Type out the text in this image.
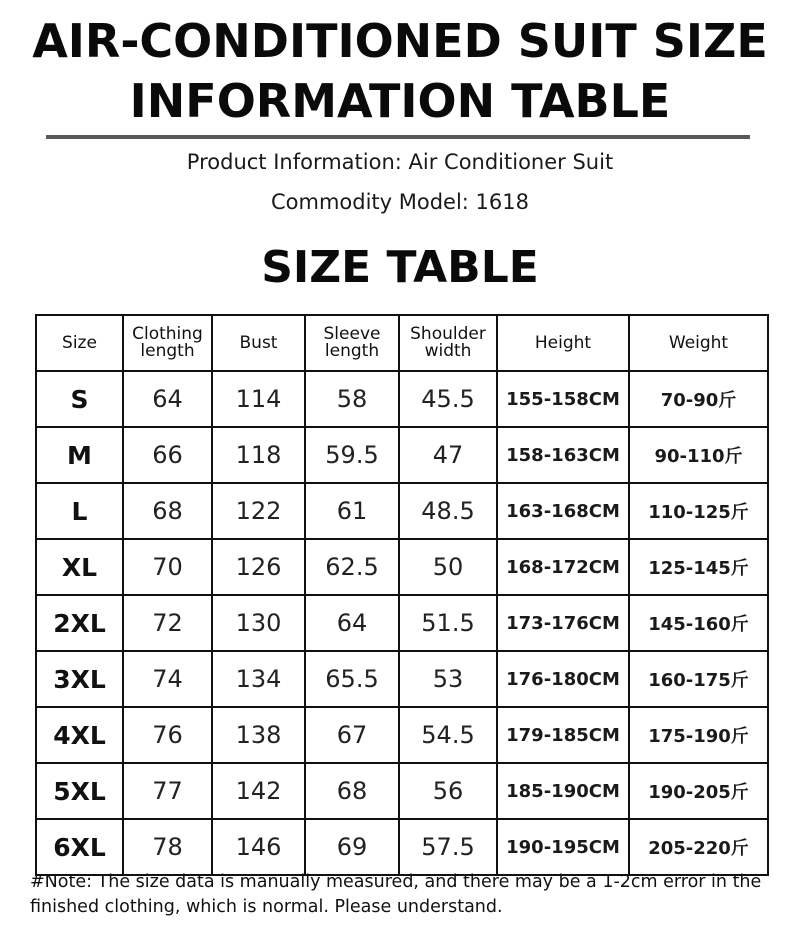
AIR-CONDITIONED SUIT SIZE
INFORMATION TABLE

Product Information: Air Conditioner Suit

Commodity Model: 1618

SIZE TABLE
Size	Clothing length	Bust	Sleeve length	Shoulder width	Height	Weight
S	64	114	58	45.5	155-158CM	70-90斤
M	66	118	59.5	47	158-163CM	90-110斤
L	68	122	61	48.5	163-168CM	110-125斤
XL	70	126	62.5	50	168-172CM	125-145斤
2XL	72	130	64	51.5	173-176CM	145-160斤
3XL	74	134	65.5	53	176-180CM	160-175斤
4XL	76	138	67	54.5	179-185CM	175-190斤
5XL	77	142	68	56	185-190CM	190-205斤
6XL	78	146	69	57.5	190-195CM	205-220斤

#Note: The size data is manually measured, and there may be a 1-2cm error in the finished clothing, which is normal. Please understand.
